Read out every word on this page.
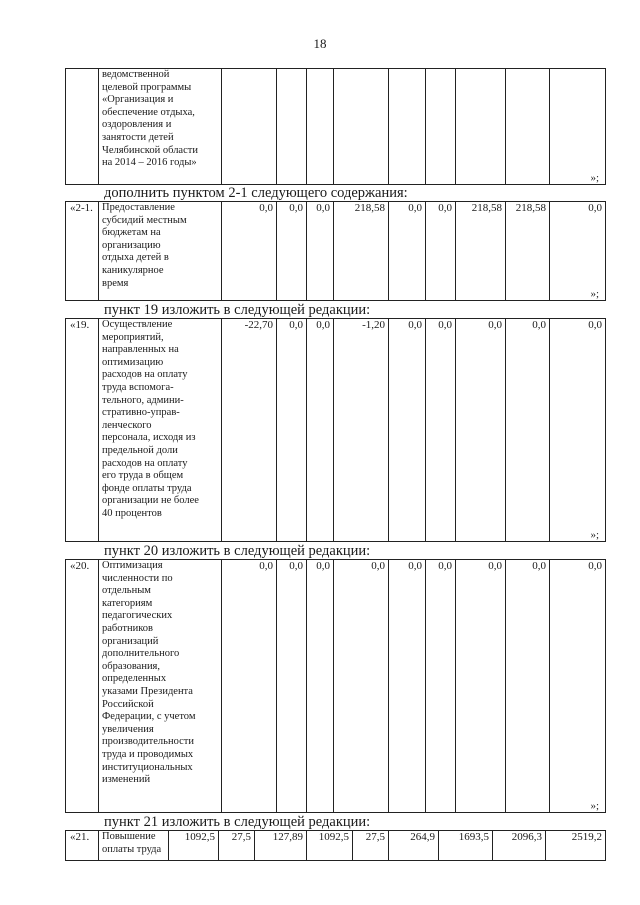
18

ведомственной
целевой программы
«Организация и
обеспечение отдыха,
оздоровления и
занятости детей
Челябинской области
на 2014 – 2016 годы»

»;
дополнить пунктом 2-1 следующего содержания:
«2-1.	Предоставление
субсидий местным
бюджетам на
организацию
отдыха детей в
каникулярное
время
	0,0	0,0	0,0	218,58	0,0	0,0	218,58	218,58	0,0
»;
пункт 19 изложить в следующей редакции:
«19.	Осуществление
мероприятий,
направленных на
оптимизацию
расходов на оплату
труда вспомога-
тельного, админи-
стративно-управ-
ленческого
персонала, исходя из
предельной доли
расходов на оплату
его труда в общем
фонде оплаты труда
организации не более
40 процентов
	-22,70	0,0	0,0	-1,20	0,0	0,0	0,0	0,0	0,0
»;
пункт 20 изложить в следующей редакции:
«20.	Оптимизация
численности по
отдельным
категориям
педагогических
работников
организаций
дополнительного
образования,
определенных
указами Президента
Российской
Федерации, с учетом
увеличения
производительности
труда и проводимых
институциональных
изменений
	0,0	0,0	0,0	0,0	0,0	0,0	0,0	0,0	0,0
»;
пункт 21 изложить в следующей редакции:
«21.	Повышение
оплаты труда
	1092,5	27,5	127,89	1092,5	27,5	264,9	1693,5	2096,3	2519,2
